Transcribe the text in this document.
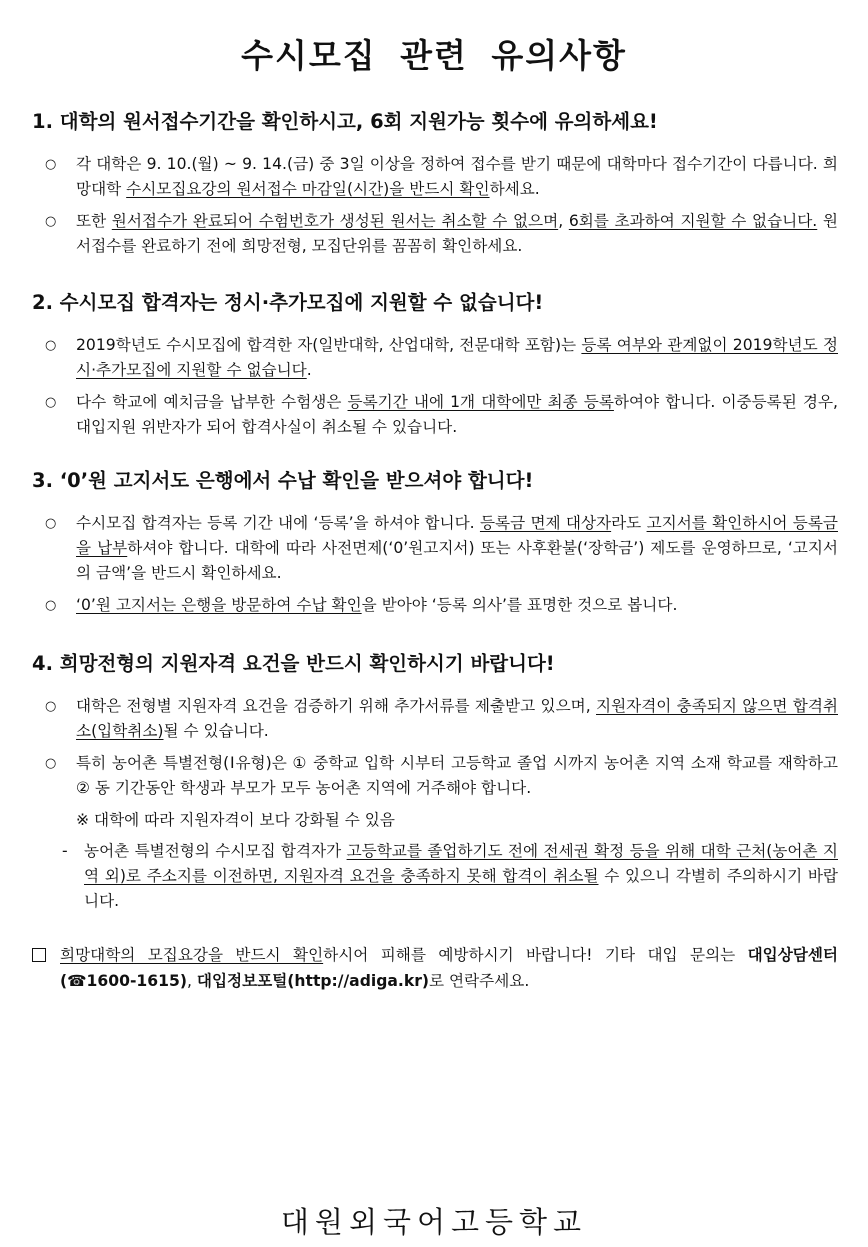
수시모집 관련 유의사항
1. 대학의 원서접수기간을 확인하시고, 6회 지원가능 횟수에 유의하세요!
○ 각 대학은 9. 10.(월) ~ 9. 14.(금) 중 3일 이상을 정하여 접수를 받기 때문에 대학마다 접수기간이 다릅니다. 희망대학 수시모집요강의 원서접수 마감일(시간)을 반드시 확인하세요.
○ 또한 원서접수가 완료되어 수험번호가 생성된 원서는 취소할 수 없으며, 6회를 초과하여 지원할 수 없습니다. 원서접수를 완료하기 전에 희망전형, 모집단위를 꼼꼼히 확인하세요.
2. 수시모집 합격자는 정시·추가모집에 지원할 수 없습니다!
○ 2019학년도 수시모집에 합격한 자(일반대학, 산업대학, 전문대학 포함)는 등록 여부와 관계없이 2019학년도 정시·추가모집에 지원할 수 없습니다.
○ 다수 학교에 예치금을 납부한 수험생은 등록기간 내에 1개 대학에만 최종 등록하여야 합니다. 이중등록된 경우, 대입지원 위반자가 되어 합격사실이 취소될 수 있습니다.
3. ‘0’원 고지서도 은행에서 수납 확인을 받으셔야 합니다!
○ 수시모집 합격자는 등록 기간 내에 ‘등록’을 하셔야 합니다. 등록금 면제 대상자라도 고지서를 확인하시어 등록금을 납부하셔야 합니다. 대학에 따라 사전면제(‘0’원고지서) 또는 사후환불(‘장학금’) 제도를 운영하므로, ‘고지서의 금액’을 반드시 확인하세요.
○ ‘0’원 고지서는 은행을 방문하여 수납 확인을 받아야 ‘등록 의사’를 표명한 것으로 봅니다.
4. 희망전형의 지원자격 요건을 반드시 확인하시기 바랍니다!
○ 대학은 전형별 지원자격 요건을 검증하기 위해 추가서류를 제출받고 있으며, 지원자격이 충족되지 않으면 합격취소(입학취소)될 수 있습니다.
○ 특히 농어촌 특별전형(Ⅰ유형)은 ① 중학교 입학 시부터 고등학교 졸업 시까지 농어촌 지역 소재 학교를 재학하고 ② 동 기간동안 학생과 부모가 모두 농어촌 지역에 거주해야 합니다.
※ 대학에 따라 지원자격이 보다 강화될 수 있음
- 농어촌 특별전형의 수시모집 합격자가 고등학교를 졸업하기도 전에 전세권 확정 등을 위해 대학 근처(농어촌 지역 외)로 주소지를 이전하면, 지원자격 요건을 충족하지 못해 합격이 취소될 수 있으니 각별히 주의하시기 바랍니다.
희망대학의 모집요강을 반드시 확인하시어 피해를 예방하시기 바랍니다! 기타 대입 문의는 대입상담센터(☎1600-1615), 대입정보포털(http://adiga.kr)로 연락주세요.
대원외국어고등학교
